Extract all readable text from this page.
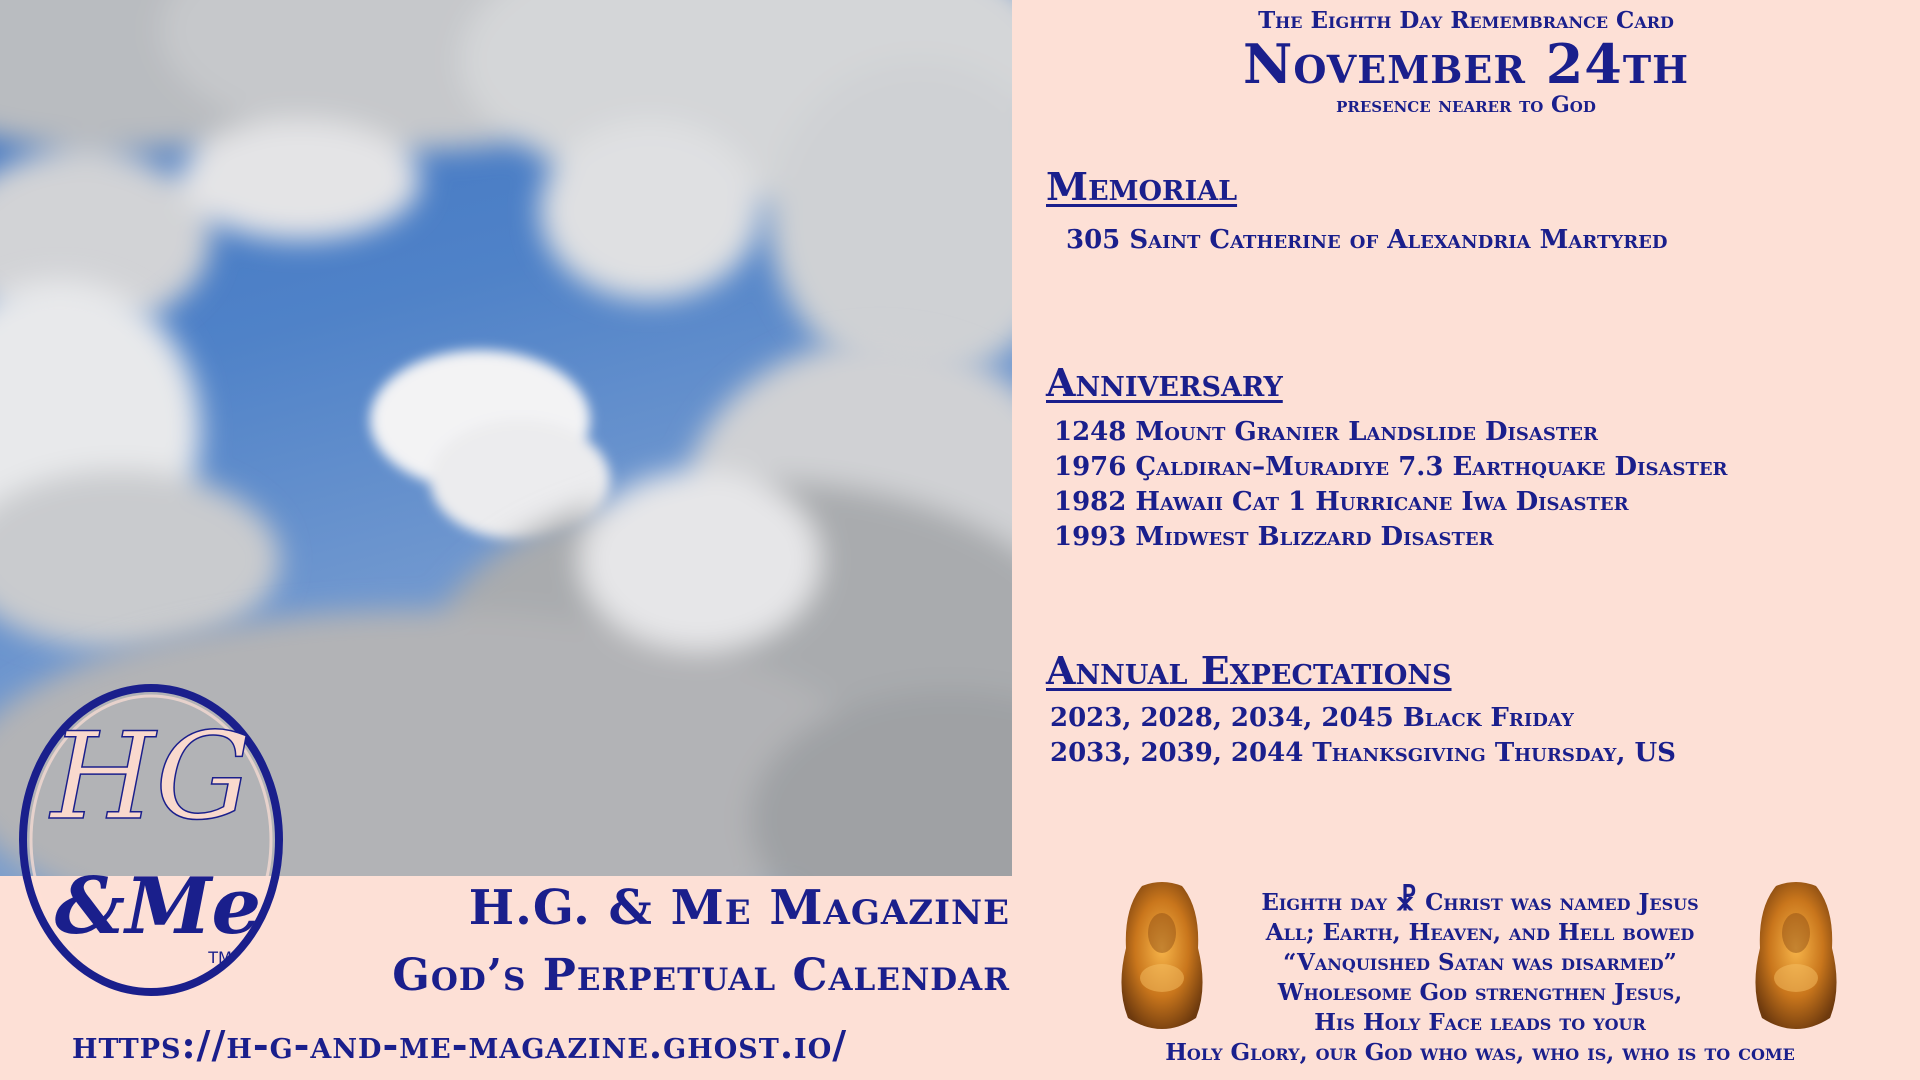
HG
&Me
TM
H.G. & Me Magazine
God’s Perpetual Calendar

https://h-g-and-me-magazine.ghost.io/

The Eighth Day Remembrance Card

November 24th

presence nearer to God

Memorial
305 Saint Catherine of Alexandria Martyred
Anniversary
1248 Mount Granier Landslide Disaster
1976 Çaldiran–Muradiye 7.3 Earthquake Disaster
1982 Hawaii Cat 1 Hurricane Iwa Disaster
1993 Midwest Blizzard Disaster
Annual Expectations
2023, 2028, 2034, 2045 Black Friday
2033, 2039, 2044 Thanksgiving Thursday, US

Eighth day ☧ Christ was named Jesus

All; Earth, Heaven, and Hell bowed

“Vanquished Satan was disarmed”

Wholesome God strengthen Jesus,

His Holy Face leads to your

Holy Glory, our God who was, who is, who is to come
